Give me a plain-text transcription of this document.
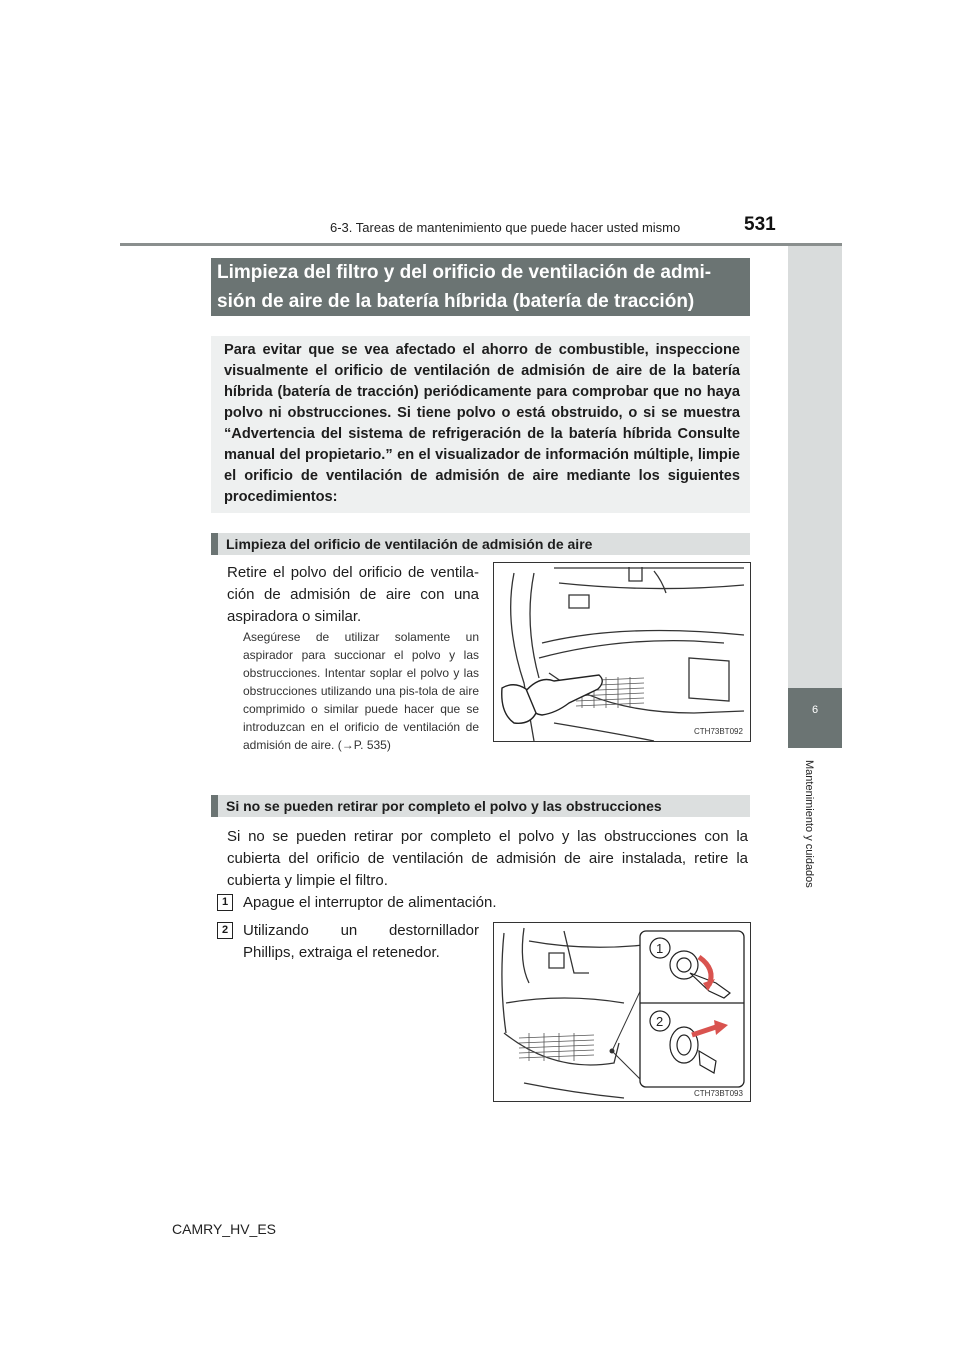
6-3. Tareas de mantenimiento que puede hacer usted mismo	531
6
Mantenimiento y cuidados
Limpieza del filtro y del orificio de ventilación de admi-
sión de aire de la batería híbrida (batería de tracción)
Para evitar que se vea afectado el ahorro de combustible, inspeccione visualmente el orificio de ventilación de admisión de aire de la batería híbrida (batería de tracción) periódicamente para comprobar que no haya polvo ni obstrucciones. Si tiene polvo o está obstruido, o si se muestra “Advertencia del sistema de refrigeración de la batería híbrida Consulte manual del propietario.” en el visualizador de información múltiple, limpie el orificio de ventilación de admisión de aire mediante los siguientes procedimientos:
Limpieza del orificio de ventilación de admisión de aire
Retire el polvo del orificio de ventila-ción de admisión de aire con una aspiradora o similar.
Asegúrese de utilizar solamente un aspirador para succionar el polvo y las obstrucciones. Intentar soplar el polvo y las obstrucciones utilizando una pis-tola de aire comprimido o similar puede hacer que se introduzcan en el orificio de ventilación de admisión de aire. (→P. 535)
CTH73BT092
Si no se pueden retirar por completo el polvo y las obstrucciones
Si no se pueden retirar por completo el polvo y las obstrucciones con la cubierta del orificio de ventilación de admisión de aire instalada, retire la cubierta y limpie el filtro.
1 Apague el interruptor de alimentación.
2 Utilizando un destornillador Phillips, extraiga el retenedor.	1
2
CTH73BT093
CAMRY_HV_ES
